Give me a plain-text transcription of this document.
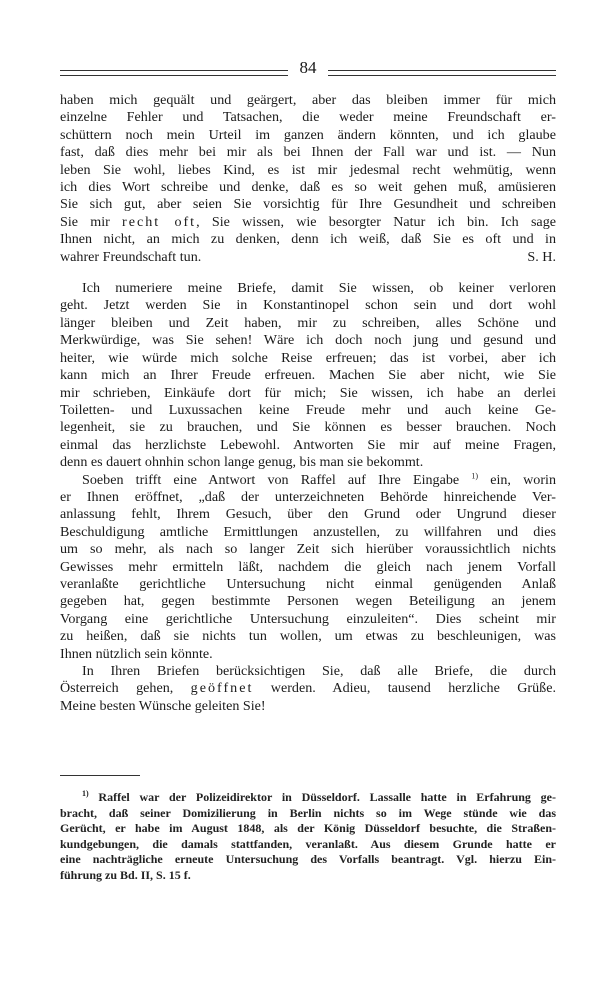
84
haben mich gequält und geärgert, aber das bleiben immer für mich
einzelne Fehler und Tatsachen, die weder meine Freundschaft er-
schüttern noch mein Urteil im ganzen ändern könnten, und ich glaube
fast, daß dies mehr bei mir als bei Ihnen der Fall war und ist. — Nun
leben Sie wohl, liebes Kind, es ist mir jedesmal recht wehmütig, wenn
ich dies Wort schreibe und denke, daß es so weit gehen muß, amüsieren
Sie sich gut, aber seien Sie vorsichtig für Ihre Gesundheit und schreiben
Sie mir recht oft, Sie wissen, wie besorgter Natur ich bin. Ich sage
Ihnen nicht, an mich zu denken, denn ich weiß, daß Sie es oft und in
wahrer Freundschaft tun.	S. H.
Ich numeriere meine Briefe, damit Sie wissen, ob keiner verloren
geht. Jetzt werden Sie in Konstantinopel schon sein und dort wohl
länger bleiben und Zeit haben, mir zu schreiben, alles Schöne und
Merkwürdige, was Sie sehen! Wäre ich doch noch jung und gesund und
heiter, wie würde mich solche Reise erfreuen; das ist vorbei, aber ich
kann mich an Ihrer Freude erfreuen. Machen Sie aber nicht, wie Sie
mir schrieben, Einkäufe dort für mich; Sie wissen, ich habe an derlei
Toiletten- und Luxussachen keine Freude mehr und auch keine Ge-
legenheit, sie zu brauchen, und Sie können es besser brauchen. Noch
einmal das herzlichste Lebewohl. Antworten Sie mir auf meine Fragen,
denn es dauert ohnhin schon lange genug, bis man sie bekommt.
Soeben trifft eine Antwort von Raffel auf Ihre Eingabe $^{1)}$ ein, worin
er Ihnen eröffnet, „daß der unterzeichneten Behörde hinreichende Ver-
anlassung fehlt, Ihrem Gesuch, über den Grund oder Ungrund dieser
Beschuldigung amtliche Ermittlungen anzustellen, zu willfahren und dies
um so mehr, als nach so langer Zeit sich hierüber voraussichtlich nichts
Gewisses mehr ermitteln läßt, nachdem die gleich nach jenem Vorfall
veranlaßte gerichtliche Untersuchung nicht einmal genügenden Anlaß
gegeben hat, gegen bestimmte Personen wegen Beteiligung an jenem
Vorgang eine gerichtliche Untersuchung einzuleiten“. Dies scheint mir
zu heißen, daß sie nichts tun wollen, um etwas zu beschleunigen, was
Ihnen nützlich sein könnte.
In Ihren Briefen berücksichtigen Sie, daß alle Briefe, die durch
Österreich gehen, geöffnet werden. Adieu, tausend herzliche Grüße.
Meine besten Wünsche geleiten Sie!
$^{1)}$ Raffel war der Polizeidirektor in Düsseldorf. Lassalle hatte in Erfahrung ge-
bracht, daß seiner Domizilierung in Berlin nichts so im Wege stünde wie das
Gerücht, er habe im August 1848, als der König Düsseldorf besuchte, die Straßen-
kundgebungen, die damals stattfanden, veranlaßt. Aus diesem Grunde hatte er
eine nachträgliche erneute Untersuchung des Vorfalls beantragt. Vgl. hierzu Ein-
führung zu Bd. II, S. 15 f.
